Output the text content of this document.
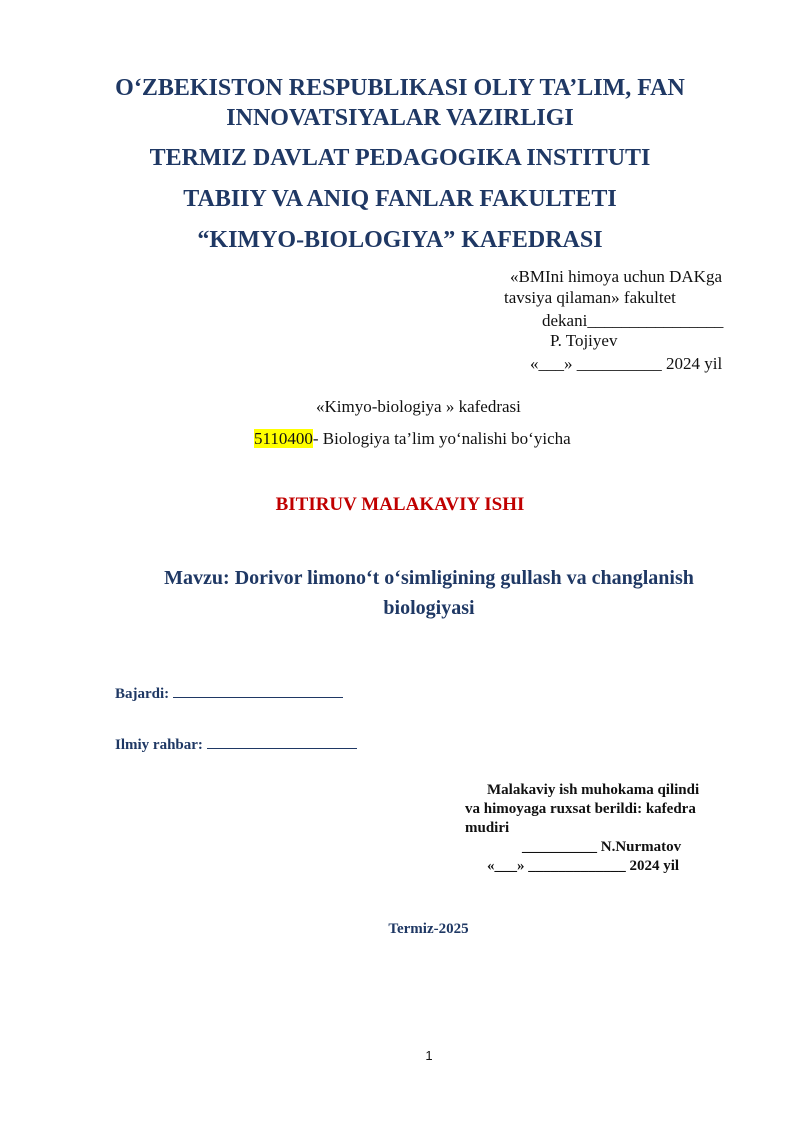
O‘ZBEKISTON RESPUBLIKASI OLIY TA’LIM, FAN
INNOVATSIYALAR VAZIRLIGI
TERMIZ DAVLAT PEDAGOGIKA INSTITUTI
TABIIY VA ANIQ FANLAR FAKULTETI
“KIMYO-BIOLOGIYA” KAFEDRASI
«BMIni himoya uchun DAKga
tavsiya qilaman» fakultet
dekani________________
P. Tojiyev
«___» __________ 2024 yil
«Kimyo-biologiya » kafedrasi
5110400- Biologiya ta’lim yo‘nalishi bo‘yicha
BITIRUV MALAKAVIY ISHI
Mavzu: Dorivor limono‘t o‘simligining gullash va changlanish
biologiyasi
Bajardi:
Ilmiy rahbar:
Malakaviy ish muhokama qilindi
va himoyaga ruxsat berildi: kafedra
mudiri
__________ N.Nurmatov
«___» _____________ 2024 yil
Termiz-2025
1
